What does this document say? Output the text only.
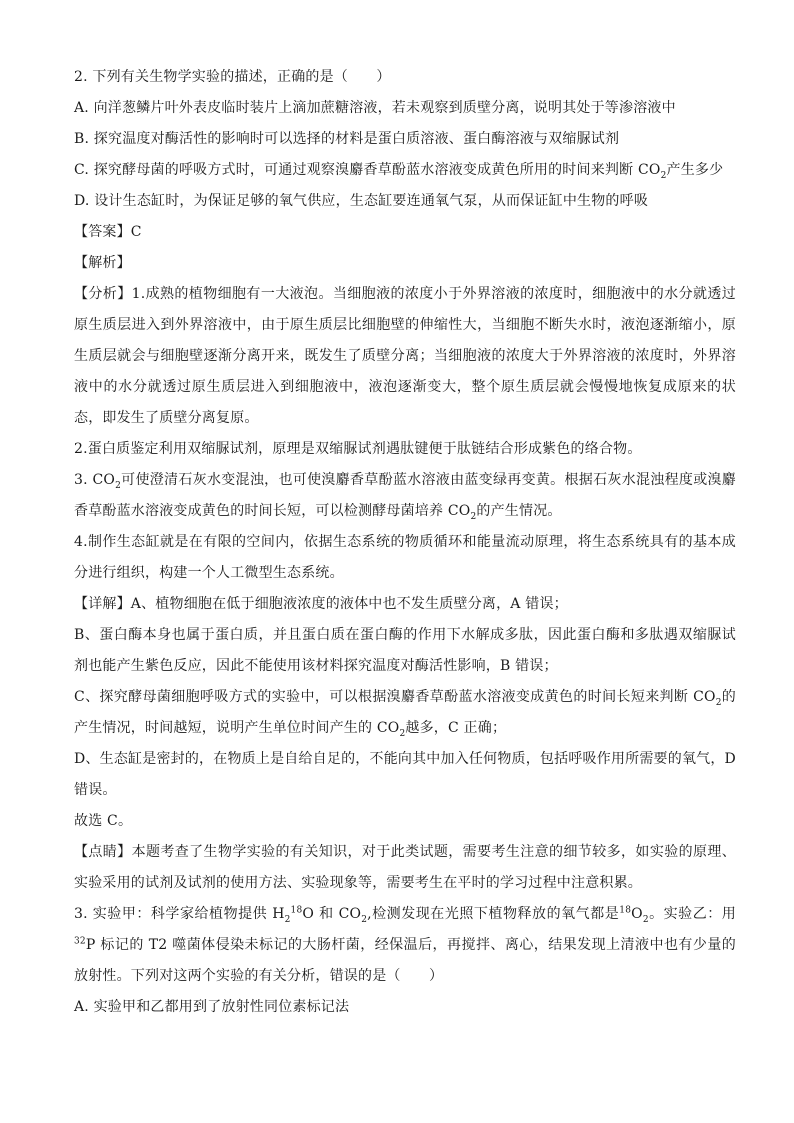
2. 下列有关生物学实验的描述，正确的是（　　）

A. 向洋葱鳞片叶外表皮临时装片上滴加蔗糖溶液，若未观察到质壁分离，说明其处于等渗溶液中

B. 探究温度对酶活性的影响时可以选择的材料是蛋白质溶液、蛋白酶溶液与双缩脲试剂

C. 探究酵母菌的呼吸方式时，可通过观察溴麝香草酚蓝水溶液变成黄色所用的时间来判断 $CO_2$产生多少

D. 设计生态缸时，为保证足够的氧气供应，生态缸要连通氧气泵，从而保证缸中生物的呼吸

【答案】C

【解析】

【分析】1.成熟的植物细胞有一大液泡。当细胞液的浓度小于外界溶液的浓度时，细胞液中的水分就透过原生质层进入到外界溶液中，由于原生质层比细胞壁的伸缩性大，当细胞不断失水时，液泡逐渐缩小，原生质层就会与细胞壁逐渐分离开来，既发生了质壁分离；当细胞液的浓度大于外界溶液的浓度时，外界溶液中的水分就透过原生质层进入到细胞液中，液泡逐渐变大，整个原生质层就会慢慢地恢复成原来的状态，即发生了质壁分离复原。

2.蛋白质鉴定利用双缩脲试剂，原理是双缩脲试剂遇肽键便于肽链结合形成紫色的络合物。

3. $CO_2$可使澄清石灰水变混浊，也可使溴麝香草酚蓝水溶液由蓝变绿再变黄。根据石灰水混浊程度或溴麝香草酚蓝水溶液变成黄色的时间长短，可以检测酵母菌培养 $CO_2$的产生情况。

4.制作生态缸就是在有限的空间内，依据生态系统的物质循环和能量流动原理，将生态系统具有的基本成分进行组织，构建一个人工微型生态系统。

【详解】A、植物细胞在低于细胞液浓度的液体中也不发生质壁分离，A 错误；

B、蛋白酶本身也属于蛋白质，并且蛋白质在蛋白酶的作用下水解成多肽，因此蛋白酶和多肽遇双缩脲试剂也能产生紫色反应，因此不能使用该材料探究温度对酶活性影响，B 错误；

C、探究酵母菌细胞呼吸方式的实验中，可以根据溴麝香草酚蓝水溶液变成黄色的时间长短来判断 $CO_2$的产生情况，时间越短，说明产生单位时间产生的 $CO_2$越多，C 正确；

D、生态缸是密封的，在物质上是自给自足的，不能向其中加入任何物质，包括呼吸作用所需要的氧气，D 错误。

故选 C。

【点睛】本题考查了生物学实验的有关知识，对于此类试题，需要考生注意的细节较多，如实验的原理、实验采用的试剂及试剂的使用方法、实验现象等，需要考生在平时的学习过程中注意积累。

3. 实验甲：科学家给植物提供 $H_2^{18}O$ 和 $CO_2$,检测发现在光照下植物释放的氧气都是$^{18}O_2$。实验乙：用$^{32}$P 标记的 T2 噬菌体侵染未标记的大肠杆菌，经保温后，再搅拌、离心，结果发现上清液中也有少量的放射性。下列对这两个实验的有关分析，错误的是（　　）

A. 实验甲和乙都用到了放射性同位素标记法
